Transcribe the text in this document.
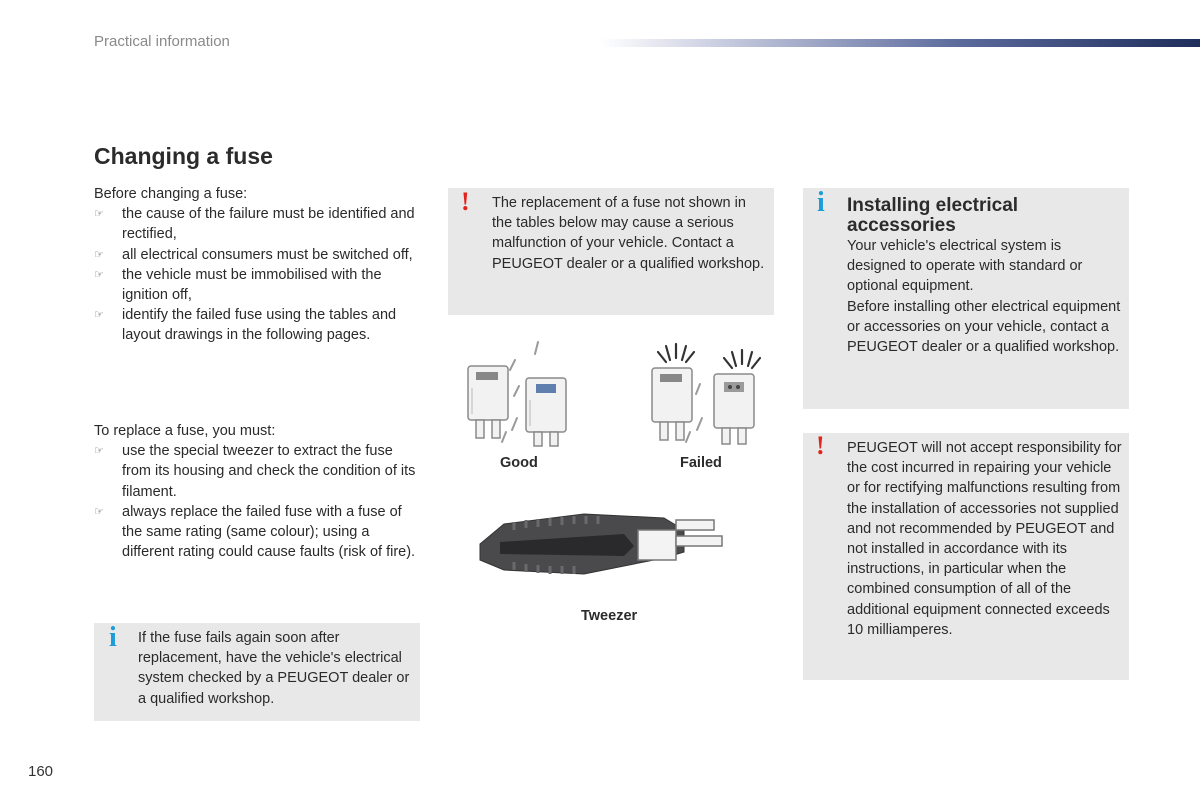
Practical information
Changing a fuse

Before changing a fuse:

☞ the cause of the failure must be identified and rectified,
☞ all electrical consumers must be switched off,
☞ the vehicle must be immobilised with the ignition off,
☞ identify the failed fuse using the tables and layout drawings in the following pages.

To replace a fuse, you must:

☞ use the special tweezer to extract the fuse from its housing and check the condition of its filament.
☞ always replace the failed fuse with a fuse of the same rating (same colour); using a different rating could cause faults (risk of fire).
i If the fuse fails again soon after replacement, have the vehicle's electrical system checked by a PEUGEOT dealer or a qualified workshop.

! The replacement of a fuse not shown in the tables below may cause a serious malfunction of your vehicle. Contact a PEUGEOT dealer or a qualified workshop.

Good	Failed
Tweezer
i Installing electrical accessories

Your vehicle's electrical system is designed to operate with standard or optional equipment.

Before installing other electrical equipment or accessories on your vehicle, contact a PEUGEOT dealer or a qualified workshop.

! PEUGEOT will not accept responsibility for the cost incurred in repairing your vehicle or for rectifying malfunctions resulting from the installation of accessories not supplied and not recommended by PEUGEOT and not installed in accordance with its instructions, in particular when the combined consumption of all of the additional equipment connected exceeds 10 milliamperes.

160
